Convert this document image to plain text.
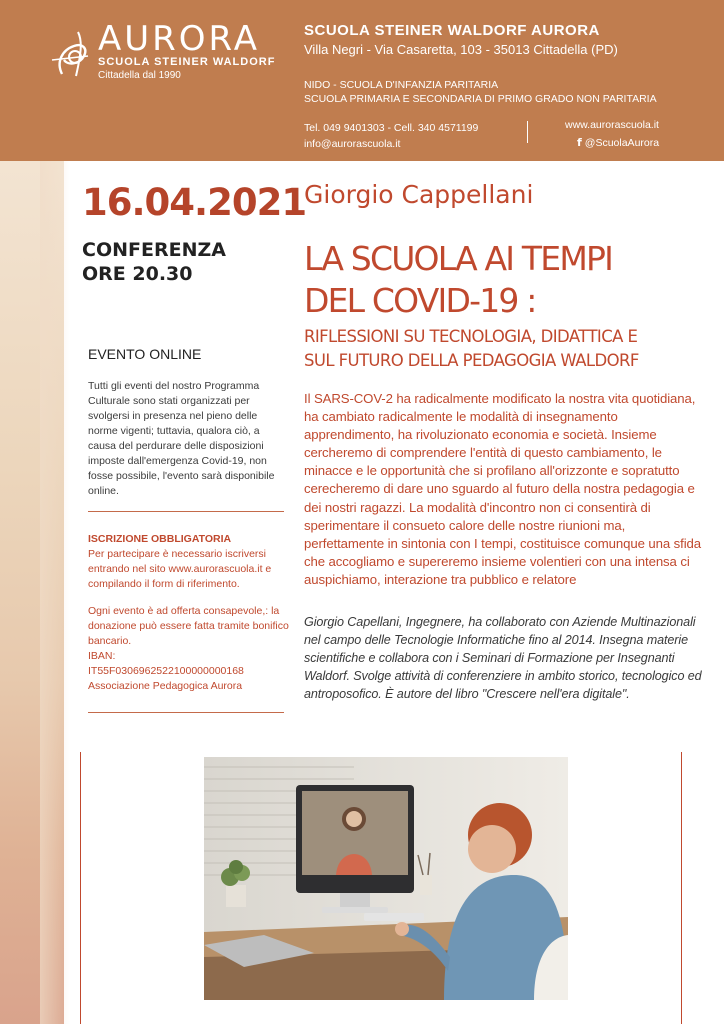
AURORA
SCUOLA STEINER WALDORF
Cittadella dal 1990
SCUOLA STEINER WALDORF AURORA
Villa Negri - Via Casaretta, 103 - 35013 Cittadella (PD)
NIDO - SCUOLA D'INFANZIA PARITARIA
SCUOLA PRIMARIA E SECONDARIA DI PRIMO GRADO NON PARITARIA
Tel. 049 9401303 - Cell. 340 4571199
info@aurorascuola.it
www.aurorascuola.it
f @ScuolaAurora
16.04.2021
CONFERENZA
ORE 20.30
Giorgio Cappellani
LA SCUOLA AI TEMPI
DEL COVID-19 :
RIFLESSIONI SU TECNOLOGIA, DIDATTICA E
SUL FUTURO DELLA PEDAGOGIA WALDORF
EVENTO ONLINE
Tutti gli eventi del nostro Programma Culturale sono stati organizzati per svolgersi in presenza nel pieno delle norme vigenti; tuttavia, qualora ciò, a causa del perdurare delle disposizioni imposte dall'emergenza Covid-19, non fosse possibile, l'evento sarà disponibile online.
ISCRIZIONE OBBLIGATORIA
Per partecipare è necessario iscriversi entrando nel sito www.aurorascuola.it e compilando il form di riferimento.
Ogni evento è ad offerta consapevole,: la donazione può essere fatta tramite bonifico bancario.
IBAN:
IT55F0306962522100000000168
Associazione Pedagogica Aurora
Il SARS-COV-2 ha radicalmente modificato la nostra vita quotidiana, ha cambiato radicalmente le modalità di insegnamento apprendimento, ha rivoluzionato economia e società. Insieme cercheremo di comprendere l'entità di questo cambiamento, le minacce e le opportunità che si profilano all'orizzonte e sopratutto cerecheremo di dare uno sguardo al futuro della nostra pedagogia e dei nostri ragazzi. La modalità d'incontro non ci consentirà di sperimentare il consueto calore delle nostre riunioni ma, perfettamente in sintonia con I tempi, costituisce comunque una sfida che accogliamo e supereremo insieme volentieri con una intensa ci auspichiamo, interazione tra pubblico e relatore
Giorgio Capellani, Ingegnere, ha collaborato con Aziende Multinazionali nel campo delle Tecnologie Informatiche fino al 2014. Insegna materie scientifiche e collabora con i Seminari di Formazione per Insegnanti Waldorf. Svolge attività di conferenziere in ambito storico, tecnologico ed antroposofico. È autore del libro "Crescere nell'era digitale".
